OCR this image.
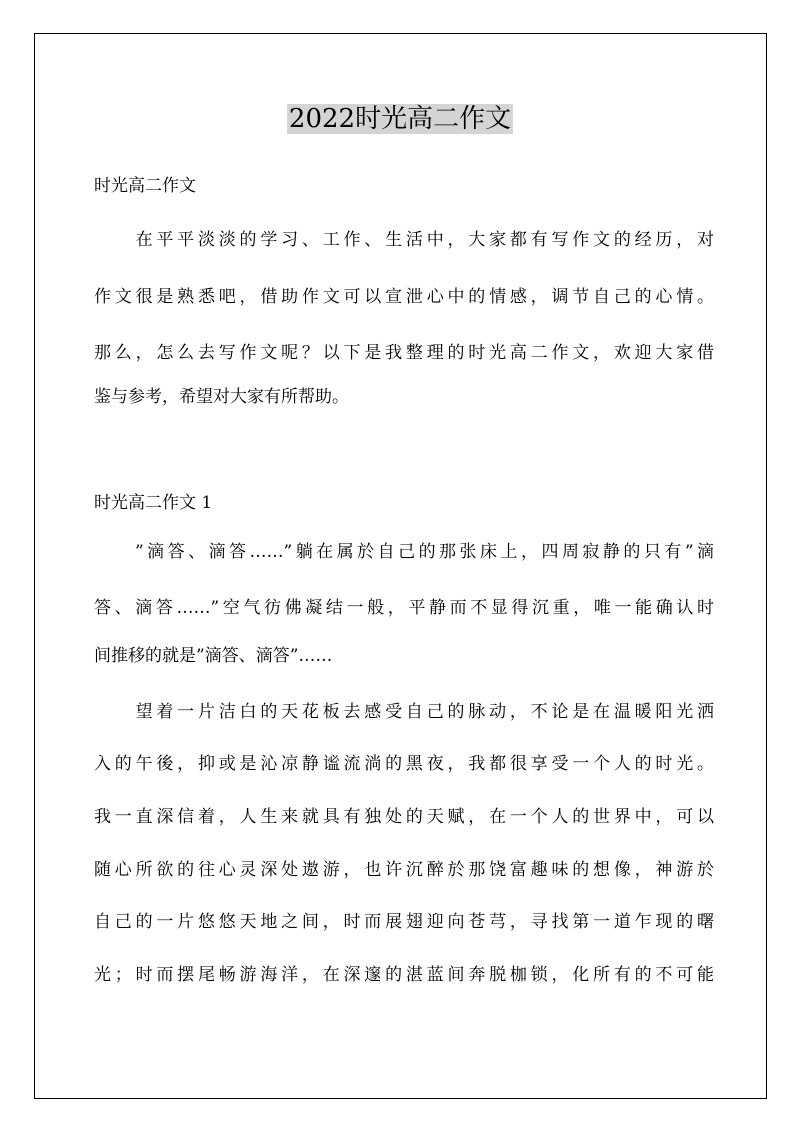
2022时光高二作文
时光高二作文
　　在平平淡淡的学习、工作、生活中，大家都有写作文的经历，对
作文很是熟悉吧，借助作文可以宣泄心中的情感，调节自己的心情。
那么，怎么去写作文呢？以下是我整理的时光高二作文，欢迎大家借
鉴与参考，希望对大家有所帮助。
时光高二作文 1
　　”滴答、滴答……”躺在属於自己的那张床上，四周寂静的只有”滴
答、滴答……”空气彷佛凝结一般，平静而不显得沉重，唯一能确认时
间推移的就是”滴答、滴答”……
　　望着一片洁白的天花板去感受自己的脉动，不论是在温暖阳光洒
入的午後，抑或是沁凉静谧流淌的黑夜，我都很享受一个人的时光。
我一直深信着，人生来就具有独处的天赋，在一个人的世界中，可以
随心所欲的往心灵深处遨游，也许沉醉於那饶富趣味的想像，神游於
自己的一片悠悠天地之间，时而展翅迎向苍芎，寻找第一道乍现的曙
光；时而摆尾畅游海洋，在深邃的湛蓝间奔脱枷锁，化所有的不可能
